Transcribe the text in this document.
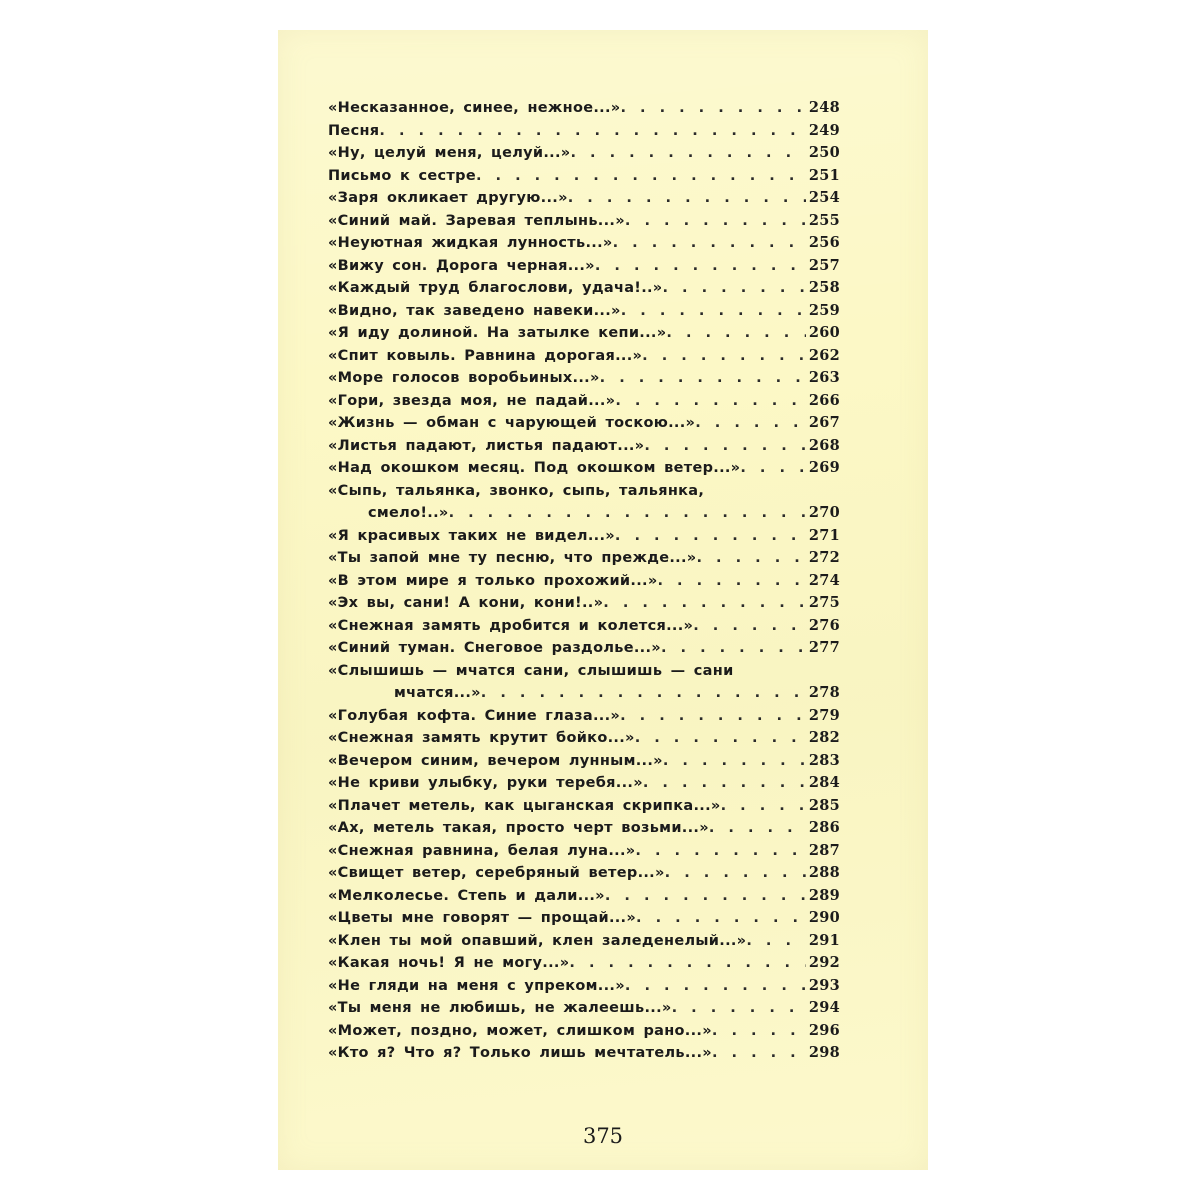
«Несказанное, синее, нежное...» . . .	248
Песня . . .	249
«Ну, целуй меня, целуй...» . . .	250
Письмо к сестре . . .	251
«Заря окликает другую...» . . .	254
«Синий май. Заревая теплынь...» . . .	255
«Неуютная жидкая лунность...» . . .	256
«Вижу сон. Дорога черная...» . . .	257
«Каждый труд благослови, удача!..» . . .	258
«Видно, так заведено навеки...» . . .	259
«Я иду долиной. На затылке кепи...» . . .	260
«Спит ковыль. Равнина дорогая...» . . .	262
«Море голосов воробьиных...» . . .	263
«Гори, звезда моя, не падай...» . . .	266
«Жизнь — обман с чарующей тоскою...» . . .	267
«Листья падают, листья падают...» . . .	268
«Над окошком месяц. Под окошком ветер...» . . .	269
«Сыпь, тальянка, звонко, сыпь, тальянка,
смело!..» . . .	270
«Я красивых таких не видел...» . . .	271
«Ты запой мне ту песню, что прежде...» . . .	272
«В этом мире я только прохожий...» . . .	274
«Эх вы, сани! А кони, кони!..» . . .	275
«Снежная замять дробится и колется...» . . .	276
«Синий туман. Снеговое раздолье...» . . .	277
«Слышишь — мчатся сани, слышишь — сани
мчатся...» . . .	278
«Голубая кофта. Синие глаза...» . . .	279
«Снежная замять крутит бойко...» . . .	282
«Вечером синим, вечером лунным...» . . .	283
«Не криви улыбку, руки теребя...» . . .	284
«Плачет метель, как цыганская скрипка...» . . .	285
«Ах, метель такая, просто черт возьми...» . . .	286
«Снежная равнина, белая луна...» . . .	287
«Свищет ветер, серебряный ветер...» . . .	288
«Мелколесье. Степь и дали...» . . .	289
«Цветы мне говорят — прощай...» . . .	290
«Клен ты мой опавший, клен заледенелый...» . . .	291
«Какая ночь! Я не могу...» . . .	292
«Не гляди на меня с упреком...» . . .	293
«Ты меня не любишь, не жалеешь...» . . .	294
«Может, поздно, может, слишком рано...» . . .	296
«Кто я? Что я? Только лишь мечтатель...» . . .	298
375
